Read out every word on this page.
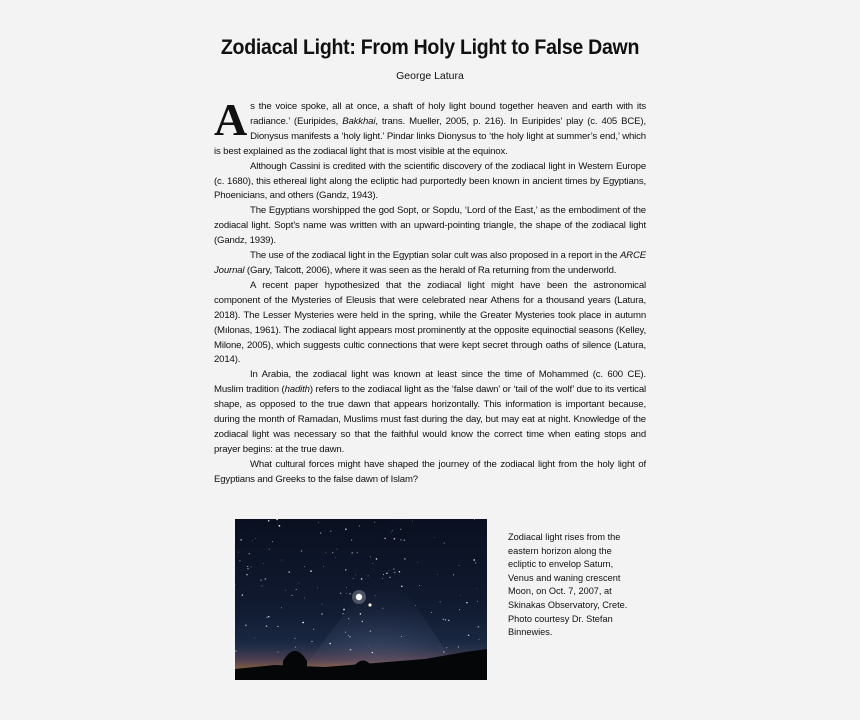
Zodiacal Light: From Holy Light to False Dawn
George Latura

As the voice spoke, all at once, a shaft of holy light bound together heaven and earth with its radiance.’ (Euripides, Bakkhai, trans. Mueller, 2005, p. 216). In Euripides’ play (c. 405 BCE), Dionysus manifests a ‘holy light.’ Pindar links Dionysus to ‘the holy light at summer’s end,’ which is best explained as the zodiacal light that is most visible at the equinox.

Although Cassini is credited with the scientific discovery of the zodiacal light in Western Europe (c. 1680), this ethereal light along the ecliptic had purportedly been known in ancient times by Egyptians, Phoenicians, and others (Gandz, 1943).

The Egyptians worshipped the god Sopt, or Sopdu, ‘Lord of the East,’ as the embodiment of the zodiacal light. Sopt’s name was written with an upward-pointing triangle, the shape of the zodiacal light (Gandz, 1939).

The use of the zodiacal light in the Egyptian solar cult was also proposed in a report in the ARCE Journal (Gary, Talcott, 2006), where it was seen as the herald of Ra returning from the underworld.

A recent paper hypothesized that the zodiacal light might have been the astronomical component of the Mysteries of Eleusis that were celebrated near Athens for a thousand years (Latura, 2018). The Lesser Mysteries were held in the spring, while the Greater Mysteries took place in autumn (Mılonas, 1961). The zodiacal light appears most prominently at the opposite equinoctial seasons (Kelley, Milone, 2005), which suggests cultic connections that were kept secret through oaths of silence (Latura, 2014).

In Arabia, the zodiacal light was known at least since the time of Mohammed (c. 600 CE). Muslim tradition (hadith) refers to the zodiacal light as the ‘false dawn’ or ‘tail of the wolf’ due to its vertical shape, as opposed to the true dawn that appears horizontally. This information is important because, during the month of Ramadan, Muslims must fast during the day, but may eat at night. Knowledge of the zodiacal light was necessary so that the faithful would know the correct time when eating stops and prayer begins: at the true dawn.

What cultural forces might have shaped the journey of the zodiacal light from the holy light of Egyptians and Greeks to the false dawn of Islam?

Zodiacal light rises from the eastern horizon along the ecliptic to envelop Saturn, Venus and waning crescent Moon, on Oct. 7, 2007, at Skinakas Observatory, Crete. Photo courtesy Dr. Stefan Binnewies.
